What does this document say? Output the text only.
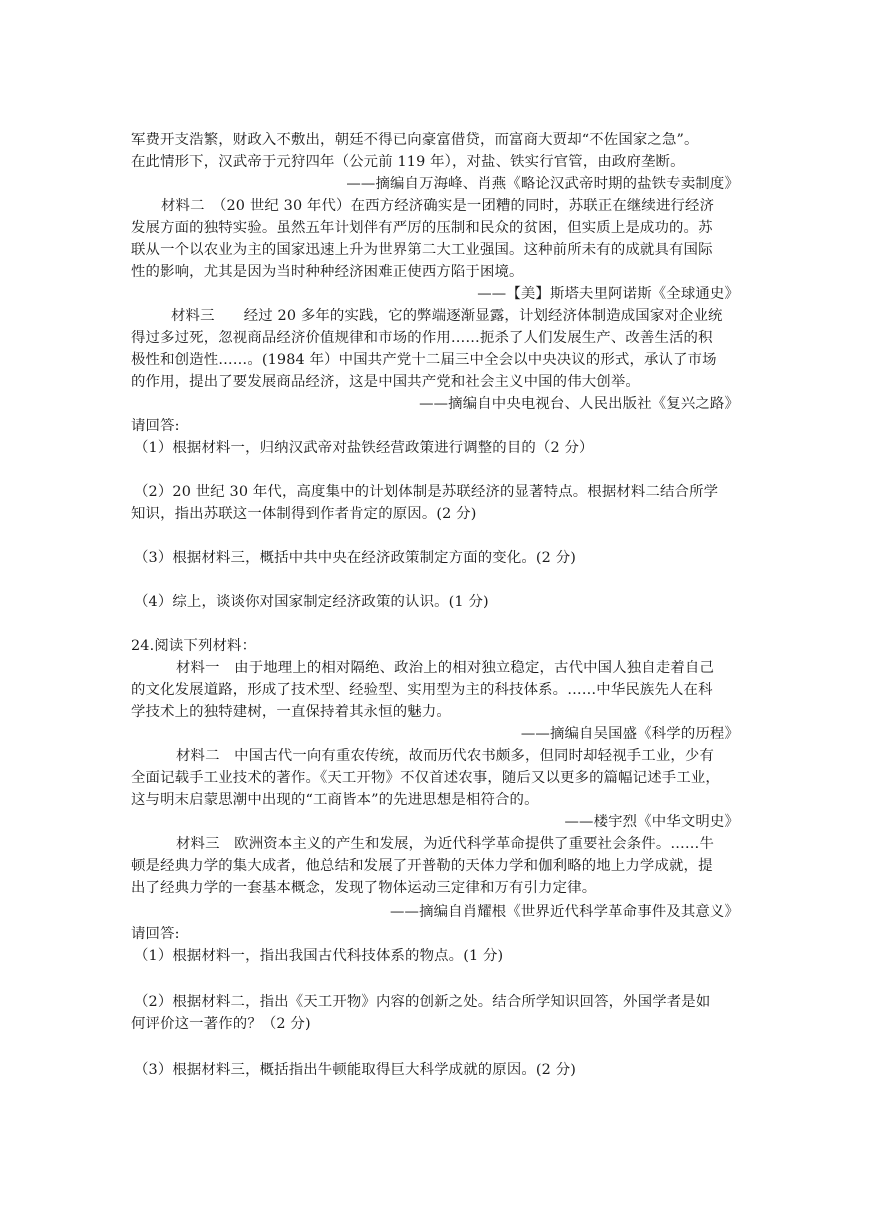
军费开支浩繁，财政入不敷出，朝廷不得已向豪富借贷，而富商大贾却“不佐国家之急”。
在此情形下，汉武帝于元狩四年（公元前 119 年），对盐、铁实行官管，由政府垄断。
——摘编自万海峰、肖燕《略论汉武帝时期的盐铁专卖制度》
材料二　（20 世纪 30 年代）在西方经济确实是一团糟的同时，苏联正在继续进行经济
发展方面的独特实验。虽然五年计划伴有严厉的压制和民众的贫困，但实质上是成功的。苏
联从一个以农业为主的国家迅速上升为世界第二大工业强国。这种前所未有的成就具有国际
性的影响，尤其是因为当时种种经济困难正使西方陷于困境。
——【美】斯塔夫里阿诺斯《全球通史》
材料三　　经过 20 多年的实践，它的弊端逐渐显露，计划经济体制造成国家对企业统
得过多过死，忽视商品经济价值规律和市场的作用……扼杀了人们发展生产、改善生活的积
极性和创造性……。(1984 年）中国共产党十二届三中全会以中央决议的形式，承认了市场
的作用，提出了要发展商品经济，这是中国共产党和社会主义中国的伟大创举。
——摘编自中央电视台、人民出版社《复兴之路》
请回答:
（1）根据材料一，归纳汉武帝对盐铁经营政策进行调整的目的（2 分）
（2）20 世纪 30 年代，高度集中的计划体制是苏联经济的显著特点。根据材料二结合所学
知识，指出苏联这一体制得到作者肯定的原因。(2 分)
（3）根据材料三，概括中共中央在经济政策制定方面的变化。(2 分)
（4）综上，谈谈你对国家制定经济政策的认识。(1 分)
24.阅读下列材料：
材料一　由于地理上的相对隔绝、政治上的相对独立稳定，古代中国人独自走着自己
的文化发展道路，形成了技术型、经验型、实用型为主的科技体系。……中华民族先人在科
学技术上的独特建树，一直保持着其永恒的魅力。
——摘编自吴国盛《科学的历程》
材料二　中国古代一向有重农传统，故而历代农书颇多，但同时却轻视手工业，少有
全面记载手工业技术的著作。《天工开物》不仅首述农事，随后又以更多的篇幅记述手工业，
这与明末启蒙思潮中出现的“工商皆本”的先进思想是相符合的。
——楼宇烈《中华文明史》
材料三　欧洲资本主义的产生和发展，为近代科学革命提供了重要社会条件。……牛
顿是经典力学的集大成者，他总结和发展了开普勒的天体力学和伽利略的地上力学成就，提
出了经典力学的一套基本概念，发现了物体运动三定律和万有引力定律。
——摘编自肖耀根《世界近代科学革命事件及其意义》
请回答:
（1）根据材料一，指出我国古代科技体系的物点。(1 分)
（2）根据材料二，指出《天工开物》内容的创新之处。结合所学知识回答，外国学者是如
何评价这一著作的？（2 分)
（3）根据材料三，概括指出牛顿能取得巨大科学成就的原因。(2 分)
